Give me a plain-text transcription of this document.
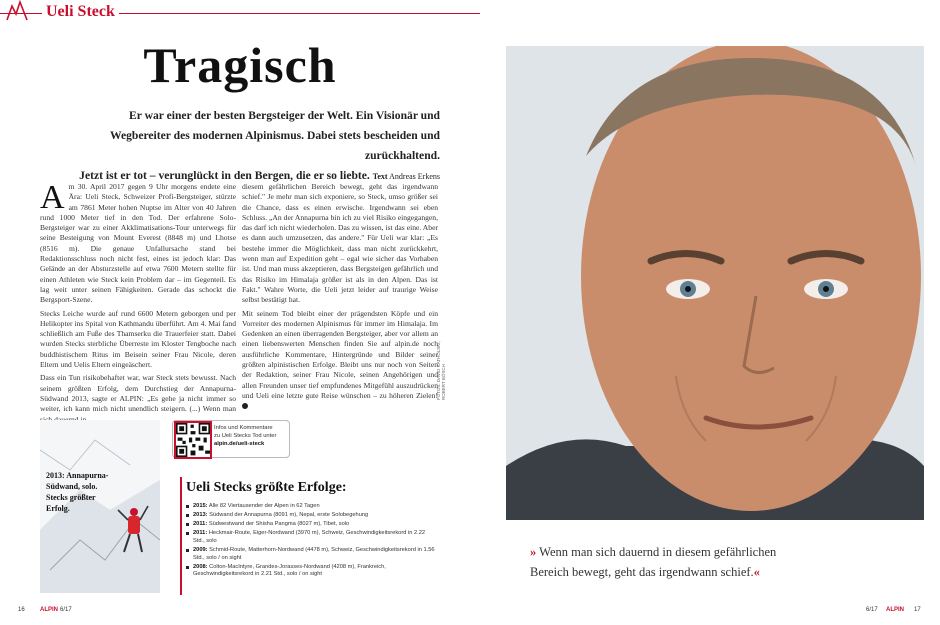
Ueli Steck
Tragisch
Er war einer der besten Bergsteiger der Welt. Ein Visionär und
Wegbereiter des modernen Alpinismus. Dabei stets bescheiden und zurückhaltend.
Jetzt ist er tot – verunglückt in den Bergen, die er so liebte. Text Andreas Erkens

Am 30. April 2017 gegen 9 Uhr morgens endete eine Ära: Ueli Steck, Schweizer Profi-Bergsteiger, stürzte am 7861 Meter hohen Nuptse im Alter von 40 Jahren rund 1000 Meter tief in den Tod. Der erfahrene Solo-Bergsteiger war zu einer Akklimatisations-Tour unterwegs für seine Besteigung von Mount Everest (8848 m) und Lhotse (8516 m). Die genaue Unfallursache stand bei Redaktionsschluss noch nicht fest, eines ist jedoch klar: Das Gelände an der Absturzstelle auf etwa 7600 Metern stellte für einen Athleten wie Steck kein Problem dar – im Gegenteil. Es lag weit unter seinen Fähigkeiten. Gerade das schockt die Bergsport-Szene.

Stecks Leiche wurde auf rund 6600 Metern geborgen und per Helikopter ins Spital von Kathmandu überführt. Am 4. Mai fand schließlich am Fuße des Thamserku die Trauerfeier statt. Dabei wurden Stecks sterbliche Überreste im Kloster Tengboche nach buddhistischem Ritus im Beisein seiner Frau Nicole, deren Eltern und Uelis Eltern eingeäschert.

Dass ein Tun risikobehaftet war, war Steck stets bewusst. Nach seinem größten Erfolg, dem Durchstieg der Annapurna-Südwand 2013, sagte er ALPIN: „Es gehe ja nicht immer so weiter, ich kann mich nicht unendlich steigern. (...) Wenn man

diesem gefährlichen Bereich bewegt, geht das irgendwann schief." Je mehr man sich exponiere, so Steck, umso größer sei die Chance, dass es einen erwische. Irgendwann sei eben Schluss. „An der Annapurna bin ich zu viel Risiko eingegangen, das darf ich nicht wiederholen. Das zu wissen, ist das eine. Aber es dann auch umzusetzen, das andere." Für Ueli war klar: „Es bestehe immer die Möglichkeit, dass man nicht zurückkehrt, wenn man auf Expedition geht – egal wie sicher das Vorhaben ist. Und man muss akzeptieren, dass Bergsteigen gefährlich und das Risiko im Himalaja größer ist als in den Alpen. Das ist Fakt." Wahre Worte, die Ueli jetzt leider auf traurige Weise selbst bestätigt hat.

Mit seinem Tod bleibt einer der prägendsten Köpfe und ein Vorreiter des modernen Alpinismus für immer im Himalaja. Im Gedenken an einen überragenden Bergsteiger, aber vor allem an einen liebenswerten Menschen finden Sie auf alpin.de noch ausführliche Kommentare, Hintergründe und Bilder seiner größten alpinistischen Erfolge. Bleibt uns nur noch von Seiten der Redaktion, seiner Frau Nicole, seinen Angehörigen und allen Freunden unser tief empfundenes Mitgefühl auszudrücken und Ueli eine letzte gute Reise wünschen – zu höheren Zielen!

FOTOS: DAVID KATHOLSKI, ROBERT BÖSCH
2013: Annapurna-Südwand, solo. Stecks größter Erfolg.
Infos und Kommentare
zu Ueli Stecks Tod unter
alpin.de/ueli-steck
Ueli Stecks größte Erfolge:
2015: Alle 82 Viertausender der Alpen in 62 Tagen
2013: Südwand der Annapurna (8091 m), Nepal, erste Solobegehung
2011: Südwestwand der Shisha Pangma (8027 m), Tibet, solo
2011: Heckmair-Route, Eiger-Nordwand (3970 m), Schweiz, Geschwindigkeitsrekord in 2.22 Std., solo
2009: Schmid-Route, Matterhorn-Nordwand (4478 m), Schweiz, Geschwindigkeitsrekord in 1.56 Std., solo / on sight
2008: Colton-MacIntyre, Grandes-Jorasses-Nordwand (4208 m), Frankreich, Geschwindigkeitsrekord in 2.21 Std., solo / on sight
16	ALPIN 6/17
» Wenn man sich dauernd in diesem gefährlichen
Bereich bewegt, geht das irgendwann schief.«
6/17 ALPIN 17
